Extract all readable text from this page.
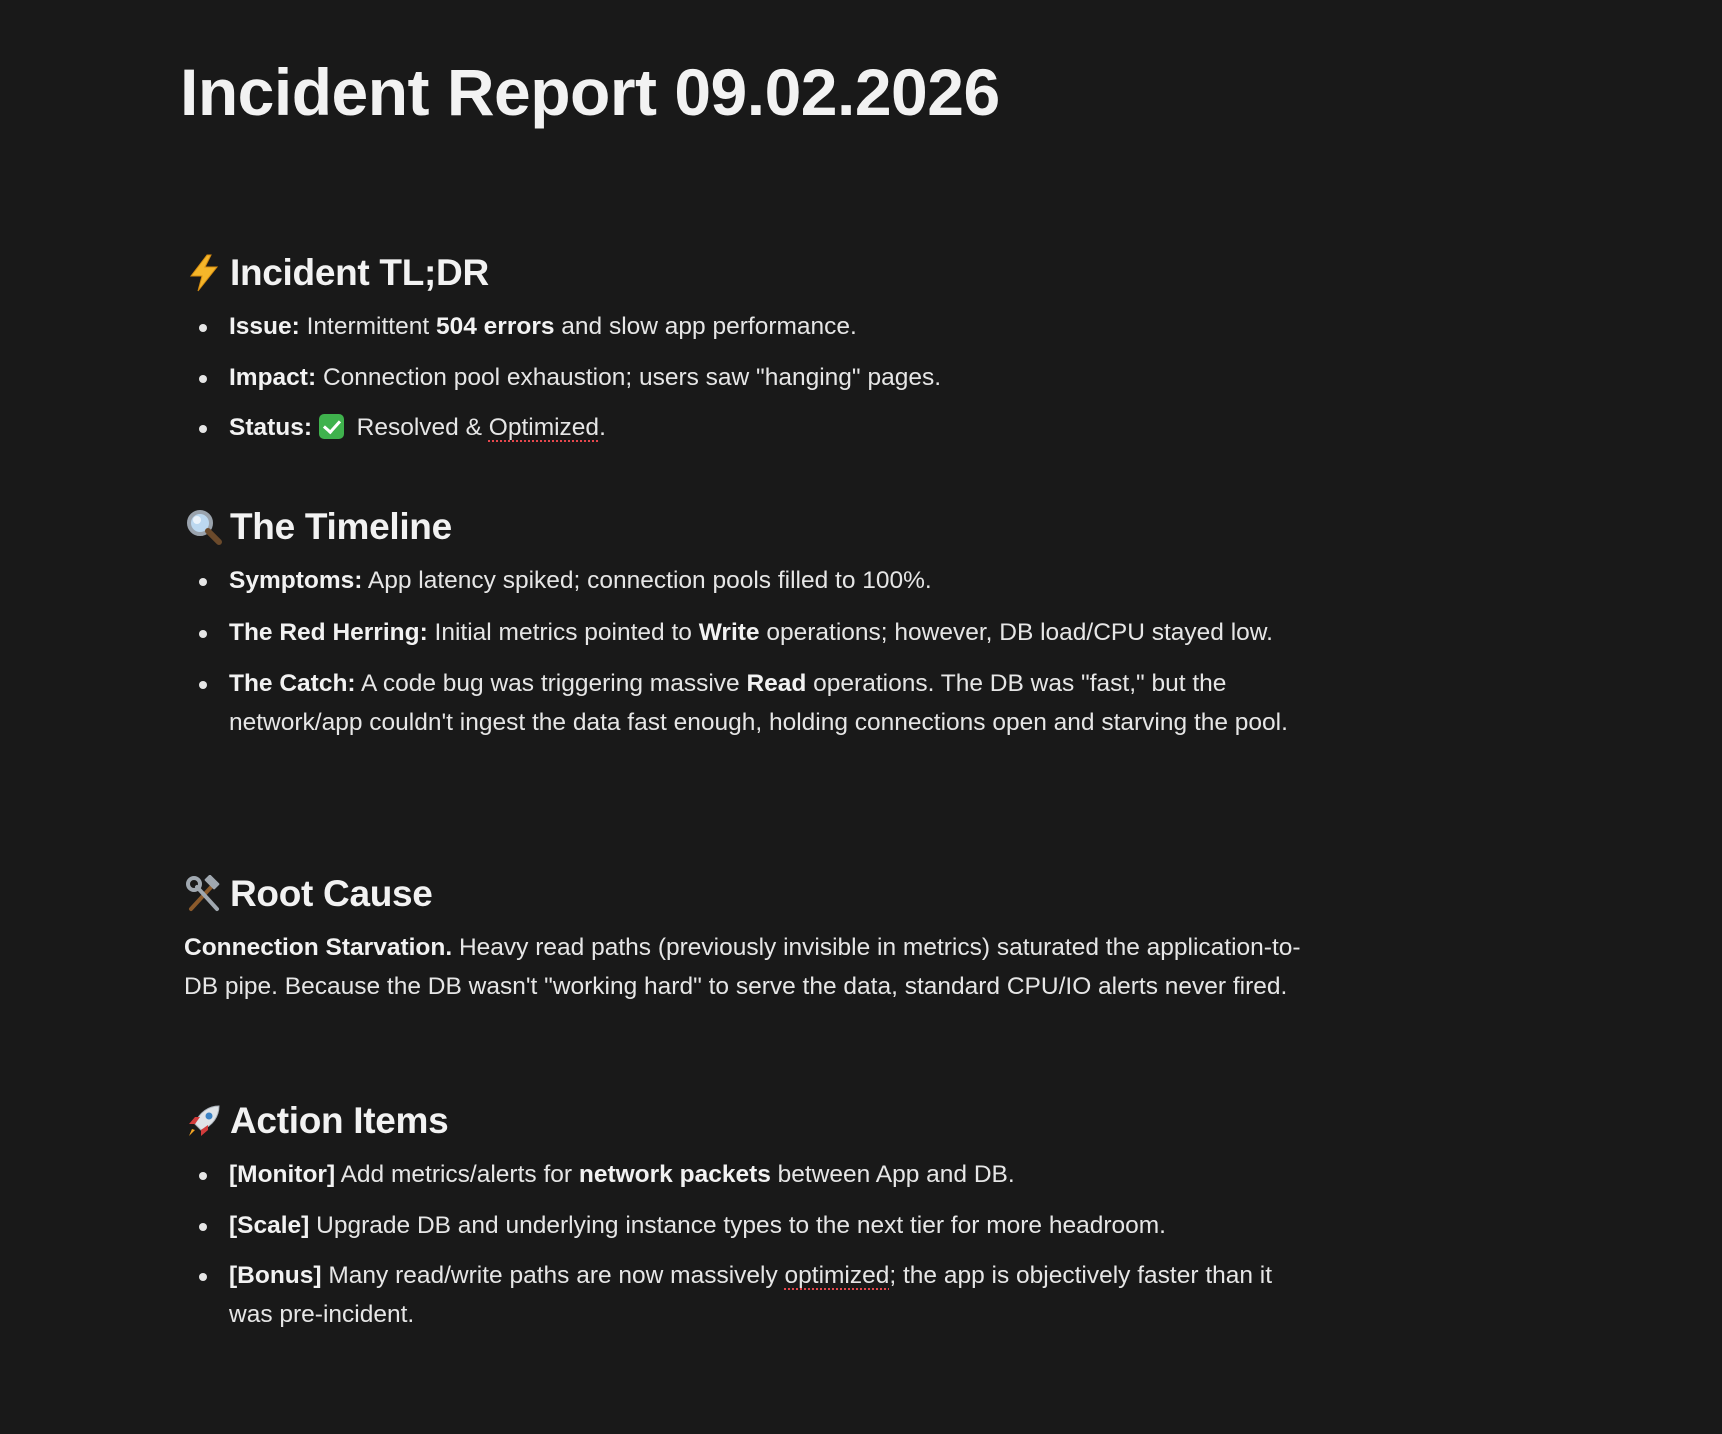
Incident Report 09.02.2026
Incident TL;DR
Issue: Intermittent 504 errors and slow app performance.
Impact: Connection pool exhaustion; users saw "hanging" pages.
Status:  Resolved & Optimized.
The Timeline
Symptoms: App latency spiked; connection pools filled to 100%.
The Red Herring: Initial metrics pointed to Write operations; however, DB load/CPU stayed low.
The Catch: A code bug was triggering massive Read operations. The DB was "fast," but the network/app couldn't ingest the data fast enough, holding connections open and starving the pool.
Root Cause

Connection Starvation. Heavy read paths (previously invisible in metrics) saturated the application-to-DB pipe. Because the DB wasn't "working hard" to serve the data, standard CPU/IO alerts never fired.

Action Items
[Monitor] Add metrics/alerts for network packets between App and DB.
[Scale] Upgrade DB and underlying instance types to the next tier for more headroom.
[Bonus] Many read/write paths are now massively optimized; the app is objectively faster than it was pre-incident.
